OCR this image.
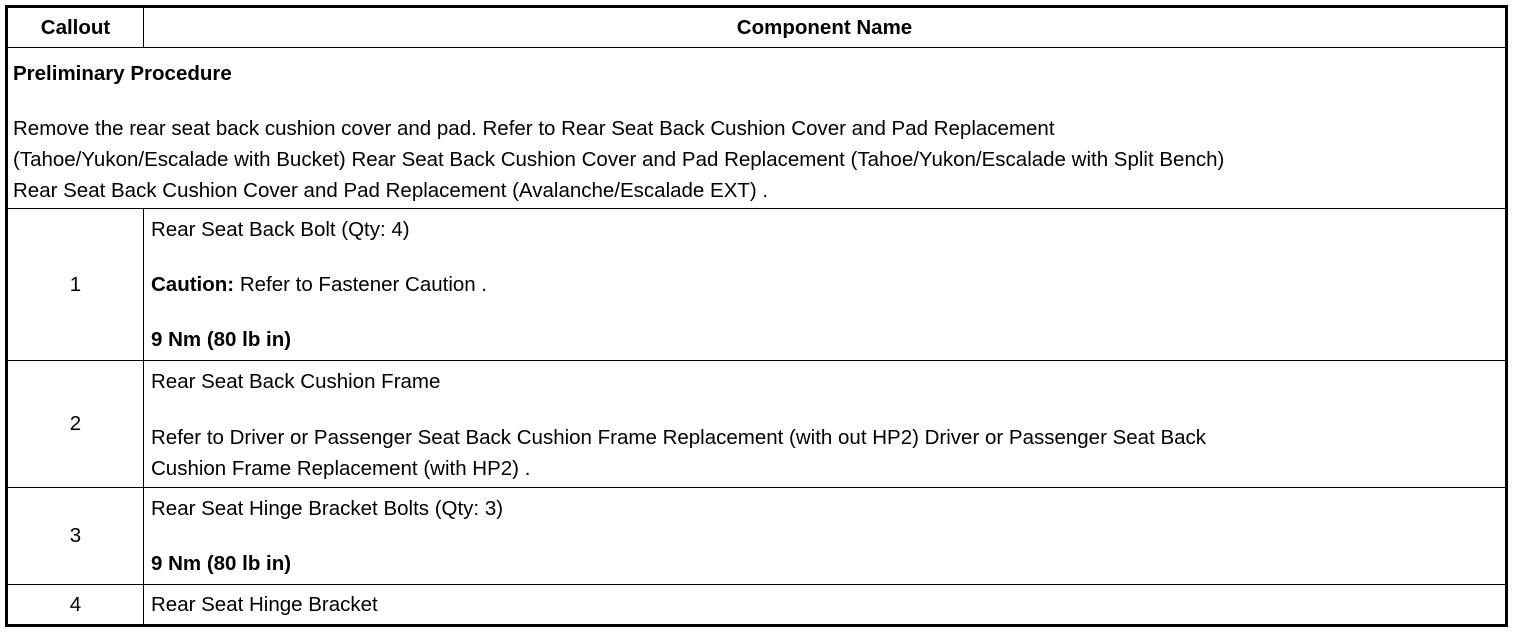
Callout	Component Name
Preliminary Procedure
Remove the rear seat back cushion cover and pad. Refer to Rear Seat Back Cushion Cover and Pad Replacement
(Tahoe/Yukon/Escalade with Bucket) Rear Seat Back Cushion Cover and Pad Replacement (Tahoe/Yukon/Escalade with Split Bench)
Rear Seat Back Cushion Cover and Pad Replacement (Avalanche/Escalade EXT) .
1
Rear Seat Back Bolt (Qty: 4)
Caution: Refer to Fastener Caution .
9 Nm (80 lb in)
2
Rear Seat Back Cushion Frame
Refer to Driver or Passenger Seat Back Cushion Frame Replacement (with out HP2) Driver or Passenger Seat Back
Cushion Frame Replacement (with HP2) .
3
Rear Seat Hinge Bracket Bolts (Qty: 3)
9 Nm (80 lb in)
4	Rear Seat Hinge Bracket
